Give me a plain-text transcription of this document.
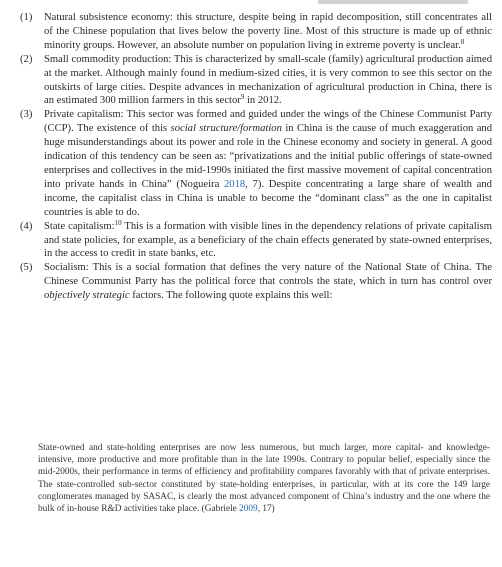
(1) Natural subsistence economy: this structure, despite being in rapid decomposition, still concentrates all of the Chinese population that lives below the poverty line. Most of this structure is made up of ethnic minority groups. However, an absolute number on population living in extreme poverty is unclear.$^8$
(2) Small commodity production: This is characterized by small-scale (family) agricultural production aimed at the market. Although mainly found in medium-sized cities, it is very common to see this sector on the outskirts of large cities. Despite advances in mechanization of agricultural production in China, there is an estimated 300 million farmers in this sector$^9$ in 2012.
(3) Private capitalism: This sector was formed and guided under the wings of the Chinese Communist Party (CCP). The existence of this social structure/formation in China is the cause of much exaggeration and huge misunderstandings about its power and role in the Chinese economy and society in general. A good indication of this tendency can be seen as: “privatizations and the initial public offerings of state-owned enterprises and collectives in the mid-1990s initiated the first massive movement of capital concentration into private hands in China” (Nogueira 2018, 7). Despite concentrating a large share of wealth and income, the capitalist class in China is unable to become the “dominant class” as the one in capitalist countries is able to do.
(4) State capitalism:$^{10}$ This is a formation with visible lines in the dependency relations of private capitalism and state policies, for example, as a beneficiary of the chain effects generated by state-owned enterprises, in the access to credit in state banks, etc.
(5) Socialism: This is a social formation that defines the very nature of the National State of China. The Chinese Communist Party has the political force that controls the state, which in turn has control over objectively strategic factors. The following quote explains this well:
State-owned and state-holding enterprises are now less numerous, but much larger, more capital- and knowledge-intensive, more productive and more profitable than in the late 1990s. Contrary to popular belief, especially since the mid-2000s, their performance in terms of efficiency and profitability compares favorably with that of private enterprises. The state-controlled sub-sector constituted by state-holding enterprises, in particular, with at its core the 149 large conglomerates managed by SASAC, is clearly the most advanced component of China’s industry and the one where the bulk of in-house R&D activities take place. (Gabriele 2009, 17)
